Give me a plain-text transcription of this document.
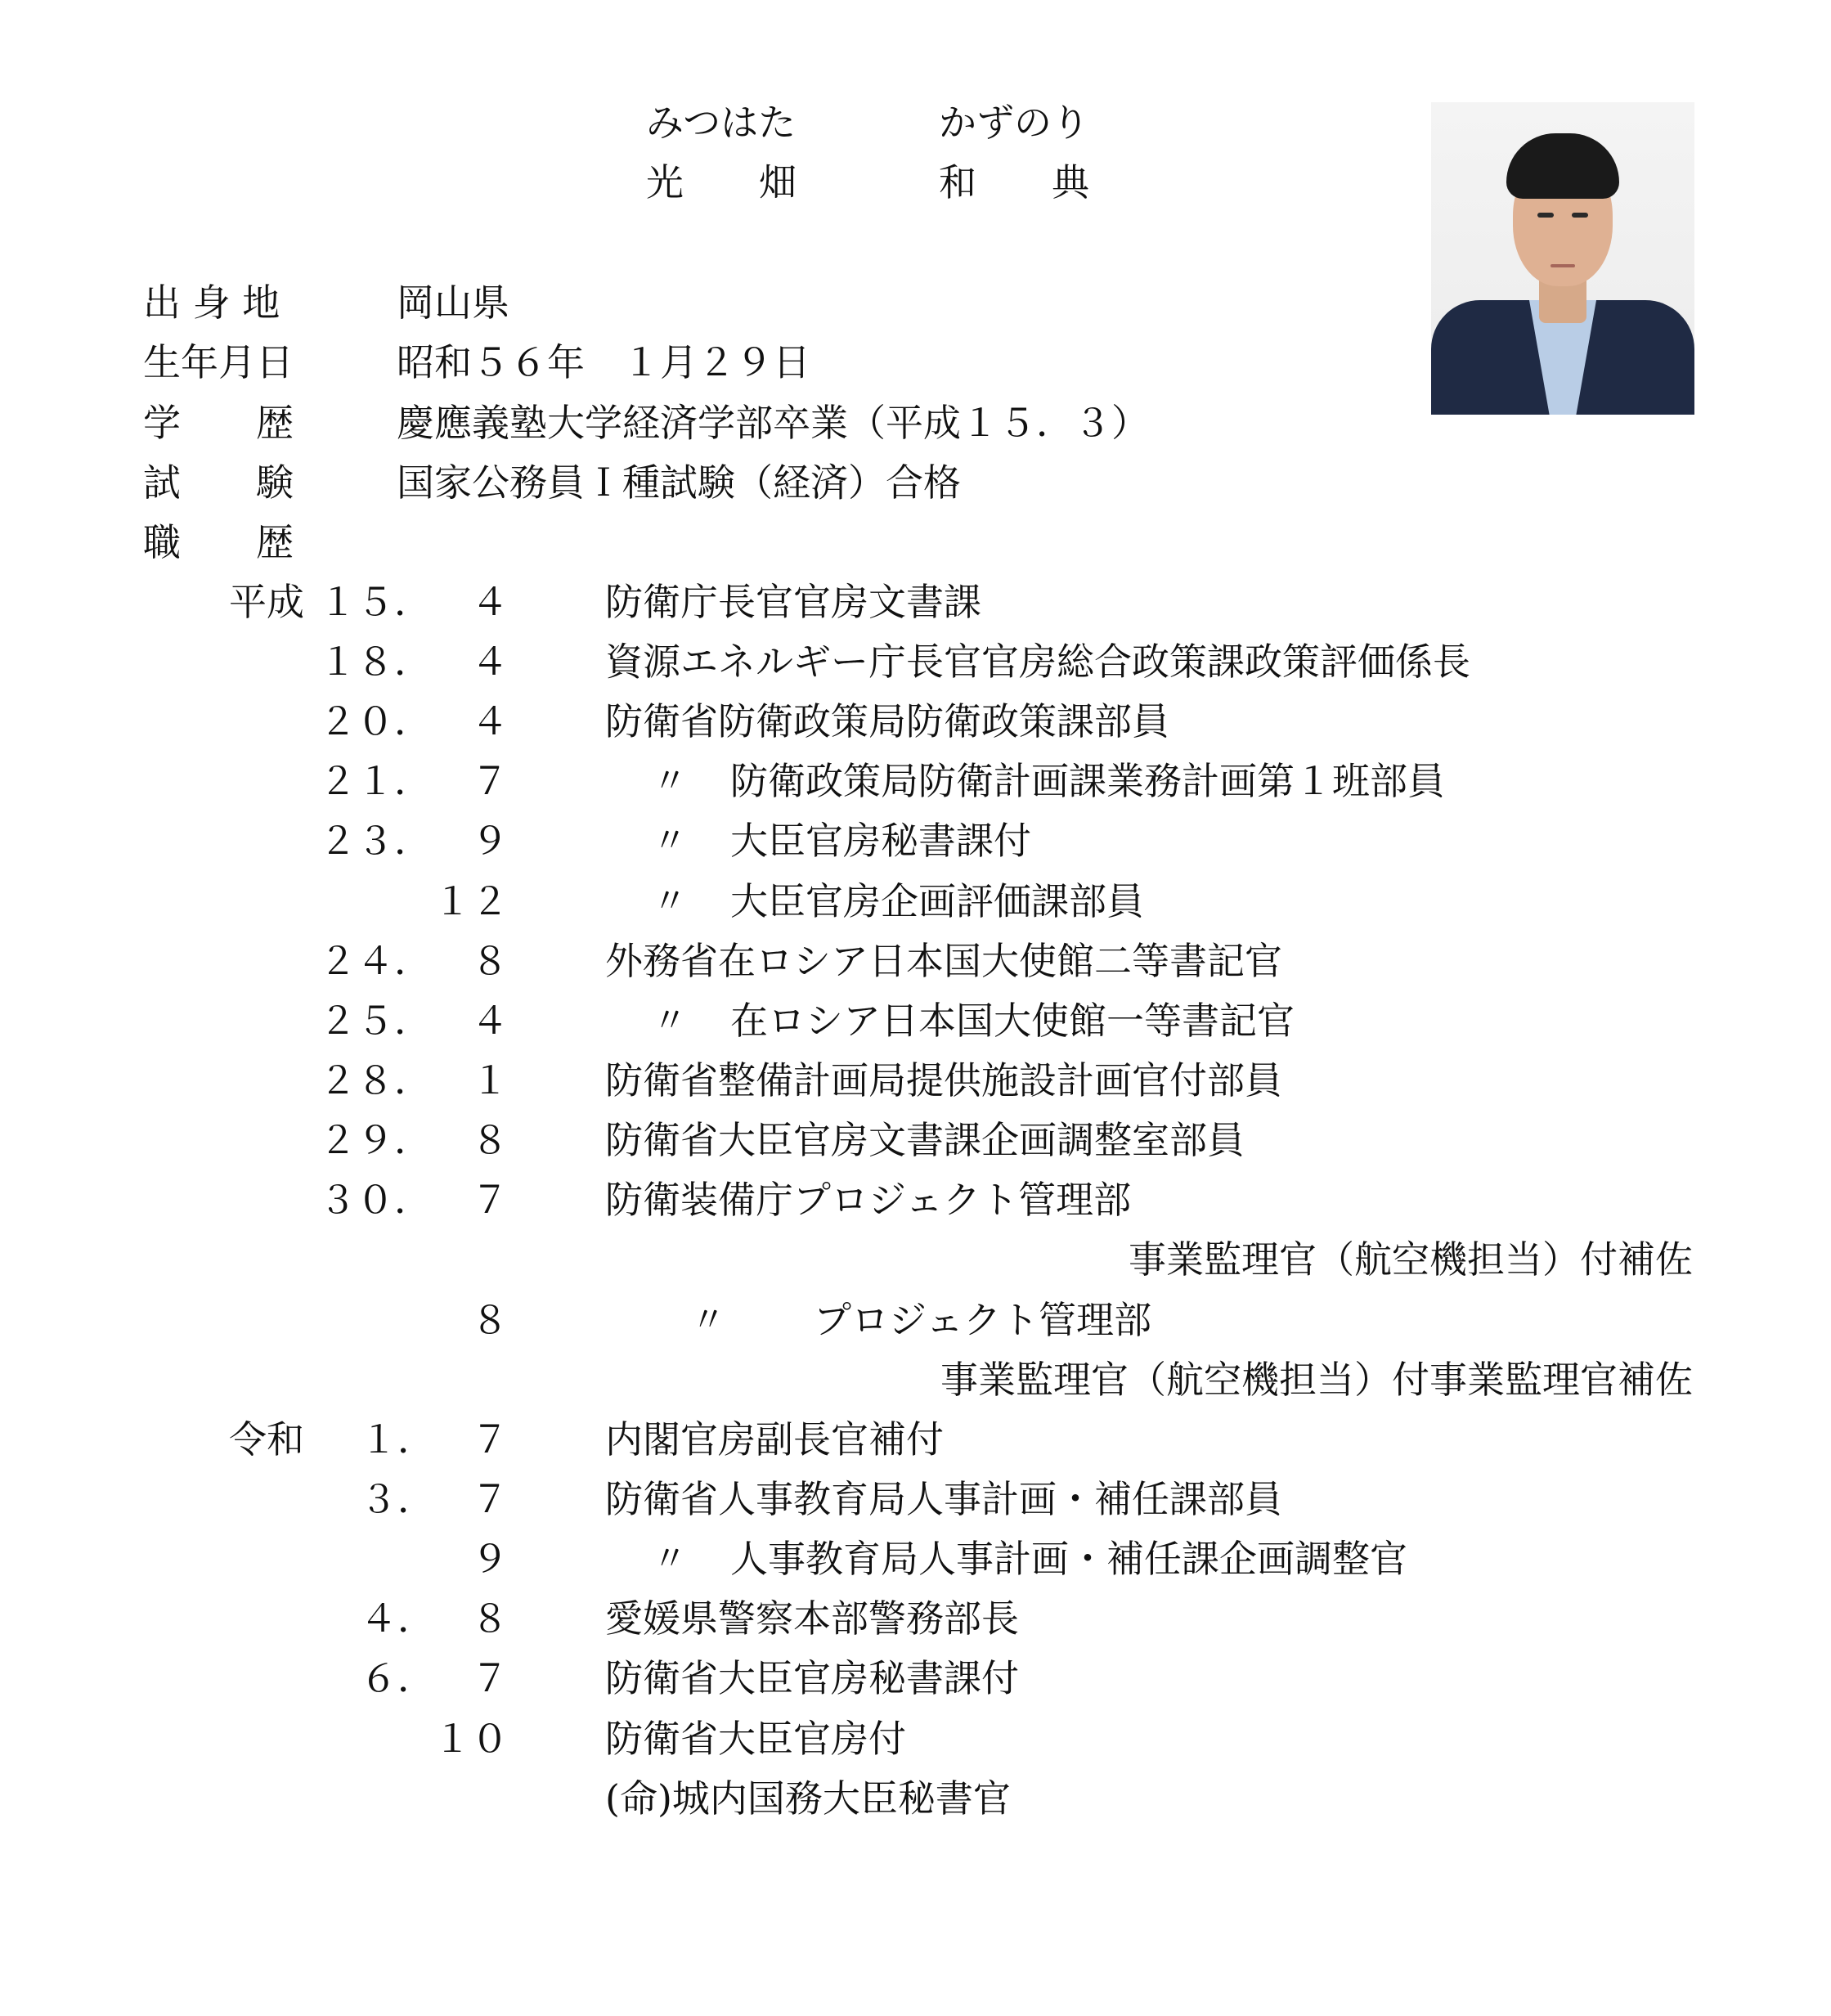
みつはた	かずのり
光　　畑	和　　典
出 身 地	岡山県
生年月日	昭和５６年　１月２９日
学　　歴	慶應義塾大学経済学部卒業（平成１５．３）
試　　験	国家公務員Ｉ種試験（経済）合格
職　　歴
平成 １５．	４	防衛庁長官官房文書課
１８．	４	資源エネルギー庁長官官房総合政策課政策評価係長
２０．	４	防衛省防衛政策局防衛政策課部員
２１．	７	〃 防衛政策局防衛計画課業務計画第１班部員
２３．	９	〃 大臣官房秘書課付
１２	〃 大臣官房企画評価課部員
２４．	８	外務省在ロシア日本国大使館二等書記官
２５．	４	〃 在ロシア日本国大使館一等書記官
２８．	１	防衛省整備計画局提供施設計画官付部員
２９．	８	防衛省大臣官房文書課企画調整室部員
３０．	７	防衛装備庁プロジェクト管理部
事業監理官（航空機担当）付補佐
８	〃 プロジェクト管理部
事業監理官（航空機担当）付事業監理官補佐
令和 １． ７	内閣官房副長官補付
３． ７	防衛省人事教育局人事計画・補任課部員
９	〃 人事教育局人事計画・補任課企画調整官
４． ８	愛媛県警察本部警務部長
６． ７	防衛省大臣官房秘書課付
１０	防衛省大臣官房付
(命)城内国務大臣秘書官
